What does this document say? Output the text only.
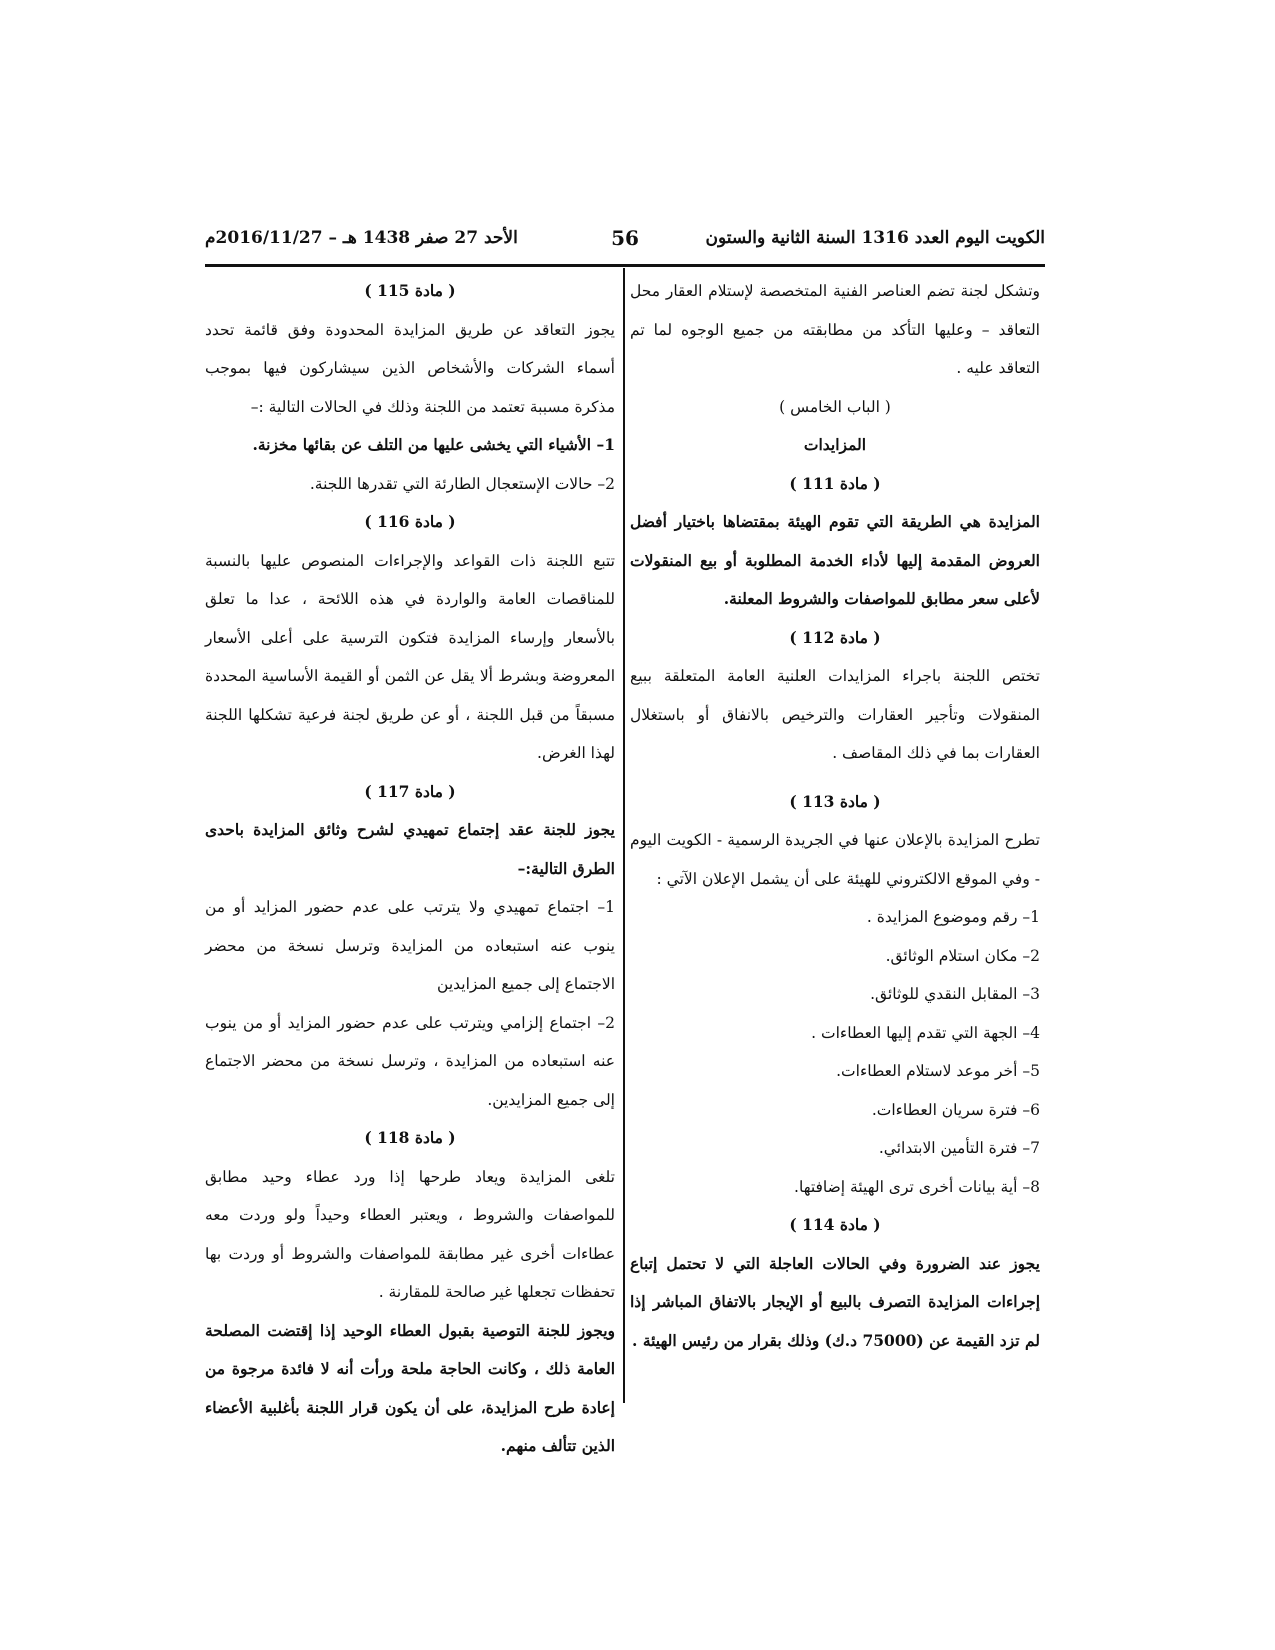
الكويت اليوم العدد 1316 السنة الثانية والستون
56
الأحد 27 صفر 1438 هـ – 2016/11/27م

وتشكل لجنة تضم العناصر الفنية المتخصصة لإستلام العقار محل التعاقد – وعليها التأكد من مطابقته من جميع الوجوه لما تم التعاقد عليه .

( الباب الخامس )

المزايدات

( مادة 111 )

المزايدة هي الطريقة التي تقوم الهيئة بمقتضاها باختيار أفضل العروض المقدمة إليها لأداء الخدمة المطلوبة أو بيع المنقولات لأعلى سعر مطابق للمواصفات والشروط المعلنة.

( مادة 112 )

تختص اللجنة باجراء المزايدات العلنية العامة المتعلقة ببيع المنقولات وتأجير العقارات والترخيص بالانفاق أو باستغلال العقارات بما في ذلك المقاصف .

( مادة 113 )

تطرح المزايدة بالإعلان عنها في الجريدة الرسمية - الكويت اليوم - وفي الموقع الالكتروني للهيئة على أن يشمل الإعلان الآتي :

1– رقم وموضوع المزايدة .

2– مكان استلام الوثائق.

3– المقابل النقدي للوثائق.

4– الجهة التي تقدم إليها العطاءات .

5– أخر موعد لاستلام العطاءات.

6– فترة سريان العطاءات.

7– فترة التأمين الابتدائي.

8– أية بيانات أخرى ترى الهيئة إضافتها.

( مادة 114 )

يجوز عند الضرورة وفي الحالات العاجلة التي لا تحتمل إتباع إجراءات المزايدة التصرف بالبيع أو الإيجار بالاتفاق المباشر إذا لم تزد القيمة عن (75000 د.ك) وذلك بقرار من رئيس الهيئة .

( مادة 115 )

يجوز التعاقد عن طريق المزايدة المحدودة وفق قائمة تحدد أسماء الشركات والأشخاص الذين سيشاركون فيها بموجب مذكرة مسببة تعتمد من اللجنة وذلك في الحالات التالية :–

1– الأشياء التي يخشى عليها من التلف عن بقائها مخزنة.

2– حالات الإستعجال الطارئة التي تقدرها اللجنة.

( مادة 116 )

تتبع اللجنة ذات القواعد والإجراءات المنصوص عليها بالنسبة للمناقصات العامة والواردة في هذه اللائحة ، عدا ما تعلق بالأسعار وإرساء المزايدة فتكون الترسية على أعلى الأسعار المعروضة وبشرط ألا يقل عن الثمن أو القيمة الأساسية المحددة مسبقاً من قبل اللجنة ، أو عن طريق لجنة فرعية تشكلها اللجنة لهذا الغرض.

( مادة 117 )

يجوز للجنة عقد إجتماع تمهيدي لشرح وثائق المزايدة باحدى الطرق التالية:–

1– اجتماع تمهيدي ولا يترتب على عدم حضور المزايد أو من ينوب عنه استبعاده من المزايدة وترسل نسخة من محضر الاجتماع إلى جميع المزايدين

2– اجتماع إلزامي ويترتب على عدم حضور المزايد أو من ينوب عنه استبعاده من المزايدة ، وترسل نسخة من محضر الاجتماع إلى جميع المزايدين.

( مادة 118 )

تلغى المزايدة ويعاد طرحها إذا ورد عطاء وحيد مطابق للمواصفات والشروط ، ويعتبر العطاء وحيداً ولو وردت معه عطاءات أخرى غير مطابقة للمواصفات والشروط أو وردت بها تحفظات تجعلها غير صالحة للمقارنة .

ويجوز للجنة التوصية بقبول العطاء الوحيد إذا إقتضت المصلحة العامة ذلك ، وكانت الحاجة ملحة ورأت أنه لا فائدة مرجوة من إعادة طرح المزايدة، على أن يكون قرار اللجنة بأغلبية الأعضاء الذين تتألف منهم.
